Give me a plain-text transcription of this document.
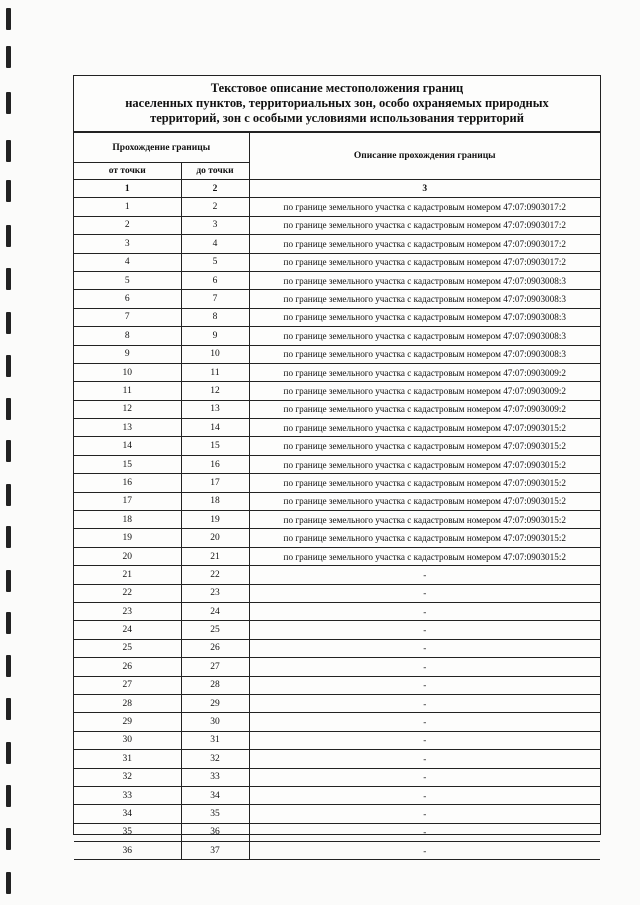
Текстовое описание местоположения границ
населенных пунктов, территориальных зон, особо охраняемых природных
территорий, зон с особыми условиями использования территорий
Прохождение границы		Описание прохождения границы
от точки	до точки	
1	2	3
1	2	по границе земельного участка с кадастровым номером 47:07:0903017:2
2	3	по границе земельного участка с кадастровым номером 47:07:0903017:2
3	4	по границе земельного участка с кадастровым номером 47:07:0903017:2
4	5	по границе земельного участка с кадастровым номером 47:07:0903017:2
5	6	по границе земельного участка с кадастровым номером 47:07:0903008:3
6	7	по границе земельного участка с кадастровым номером 47:07:0903008:3
7	8	по границе земельного участка с кадастровым номером 47:07:0903008:3
8	9	по границе земельного участка с кадастровым номером 47:07:0903008:3
9	10	по границе земельного участка с кадастровым номером 47:07:0903008:3
10	11	по границе земельного участка с кадастровым номером 47:07:0903009:2
11	12	по границе земельного участка с кадастровым номером 47:07:0903009:2
12	13	по границе земельного участка с кадастровым номером 47:07:0903009:2
13	14	по границе земельного участка с кадастровым номером 47:07:0903015:2
14	15	по границе земельного участка с кадастровым номером 47:07:0903015:2
15	16	по границе земельного участка с кадастровым номером 47:07:0903015:2
16	17	по границе земельного участка с кадастровым номером 47:07:0903015:2
17	18	по границе земельного участка с кадастровым номером 47:07:0903015:2
18	19	по границе земельного участка с кадастровым номером 47:07:0903015:2
19	20	по границе земельного участка с кадастровым номером 47:07:0903015:2
20	21	по границе земельного участка с кадастровым номером 47:07:0903015:2
21	22	-
22	23	-
23	24	-
24	25	-
25	26	-
26	27	-
27	28	-
28	29	-
29	30	-
30	31	-
31	32	-
32	33	-
33	34	-
34	35	-
35	36	-
36	37	-
